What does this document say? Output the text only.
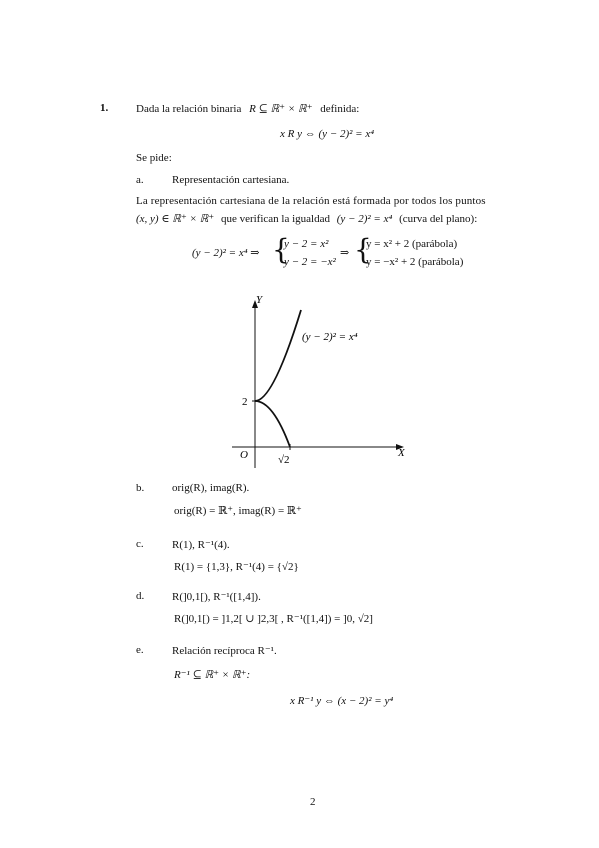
1.	Dada la relación binaria R ⊆ ℝ⁺ × ℝ⁺ definida:
x R y ⇔ (y − 2)² = x⁴
Se pide:
a.	Representación cartesiana.
La representación cartesiana de la relación está formada por todos los puntos
(x, y) ∈ ℝ⁺ × ℝ⁺ que verifican la igualdad (y − 2)² = x⁴ (curva del plano):
(y − 2)² = x⁴ ⇒ {
y − 2 = x²
y − 2 = −x²
⇒ {
y = x² + 2 (parábola)
y = −x² + 2 (parábola)
Y
X
O
2
√2
(y − 2)² = x⁴
b.	orig(R), imag(R).
orig(R) = ℝ⁺, imag(R) = ℝ⁺
c.	R(1), R⁻¹(4).
R(1) = {1,3}, R⁻¹(4) = {√2}
d.	R(]0,1[), R⁻¹([1,4]).
R(]0,1[) = ]1,2[ ∪ ]2,3[ , R⁻¹([1,4]) = ]0, √2]
e.	Relación recíproca R⁻¹.
R⁻¹ ⊆ ℝ⁺ × ℝ⁺:
x R⁻¹ y ⇔ (x − 2)² = y⁴
2
